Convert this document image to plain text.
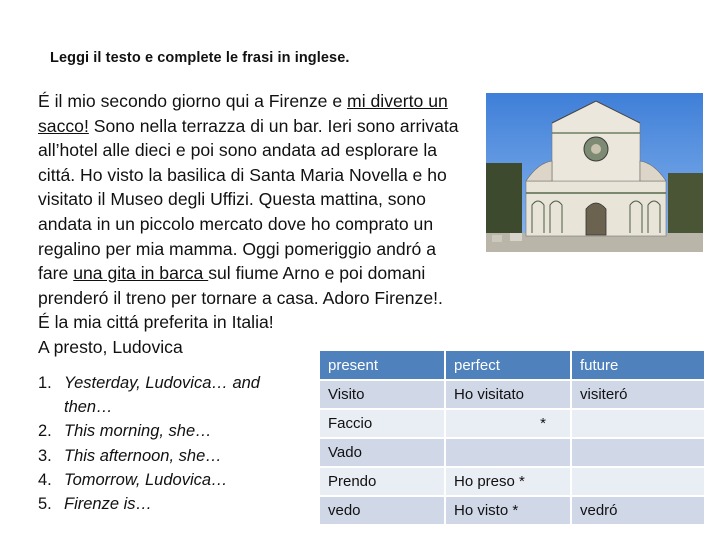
Leggi il testo e complete le frasi in inglese.
É il mio secondo giorno qui a Firenze e mi diverto un
sacco! Sono nella terrazza di un bar. Ieri sono arrivata
all’hotel alle dieci e poi sono andata ad esplorare la
cittá. Ho visto la basilica di Santa Maria Novella e ho
visitato il Museo degli Uffizi. Questa mattina, sono
andata in un piccolo mercato dove ho comprato un
regalino per mia mamma. Oggi pomeriggio andró a
fare una gita in barca sul fiume Arno e poi domani
prenderó il treno per tornare a casa. Adoro Firenze!.
É la mia cittá preferita in Italia!
A presto, Ludovica
1. Yesterday, Ludovica… and then…
2. This morning, she…
3. This afternoon, she…
4. Tomorrow, Ludovica…
5. Firenze is…
present	perfect	future
Visito	Ho visitato	visiteró
Faccio	*	
Vado		
Prendo	Ho preso *	
vedo	Ho visto *	vedró
